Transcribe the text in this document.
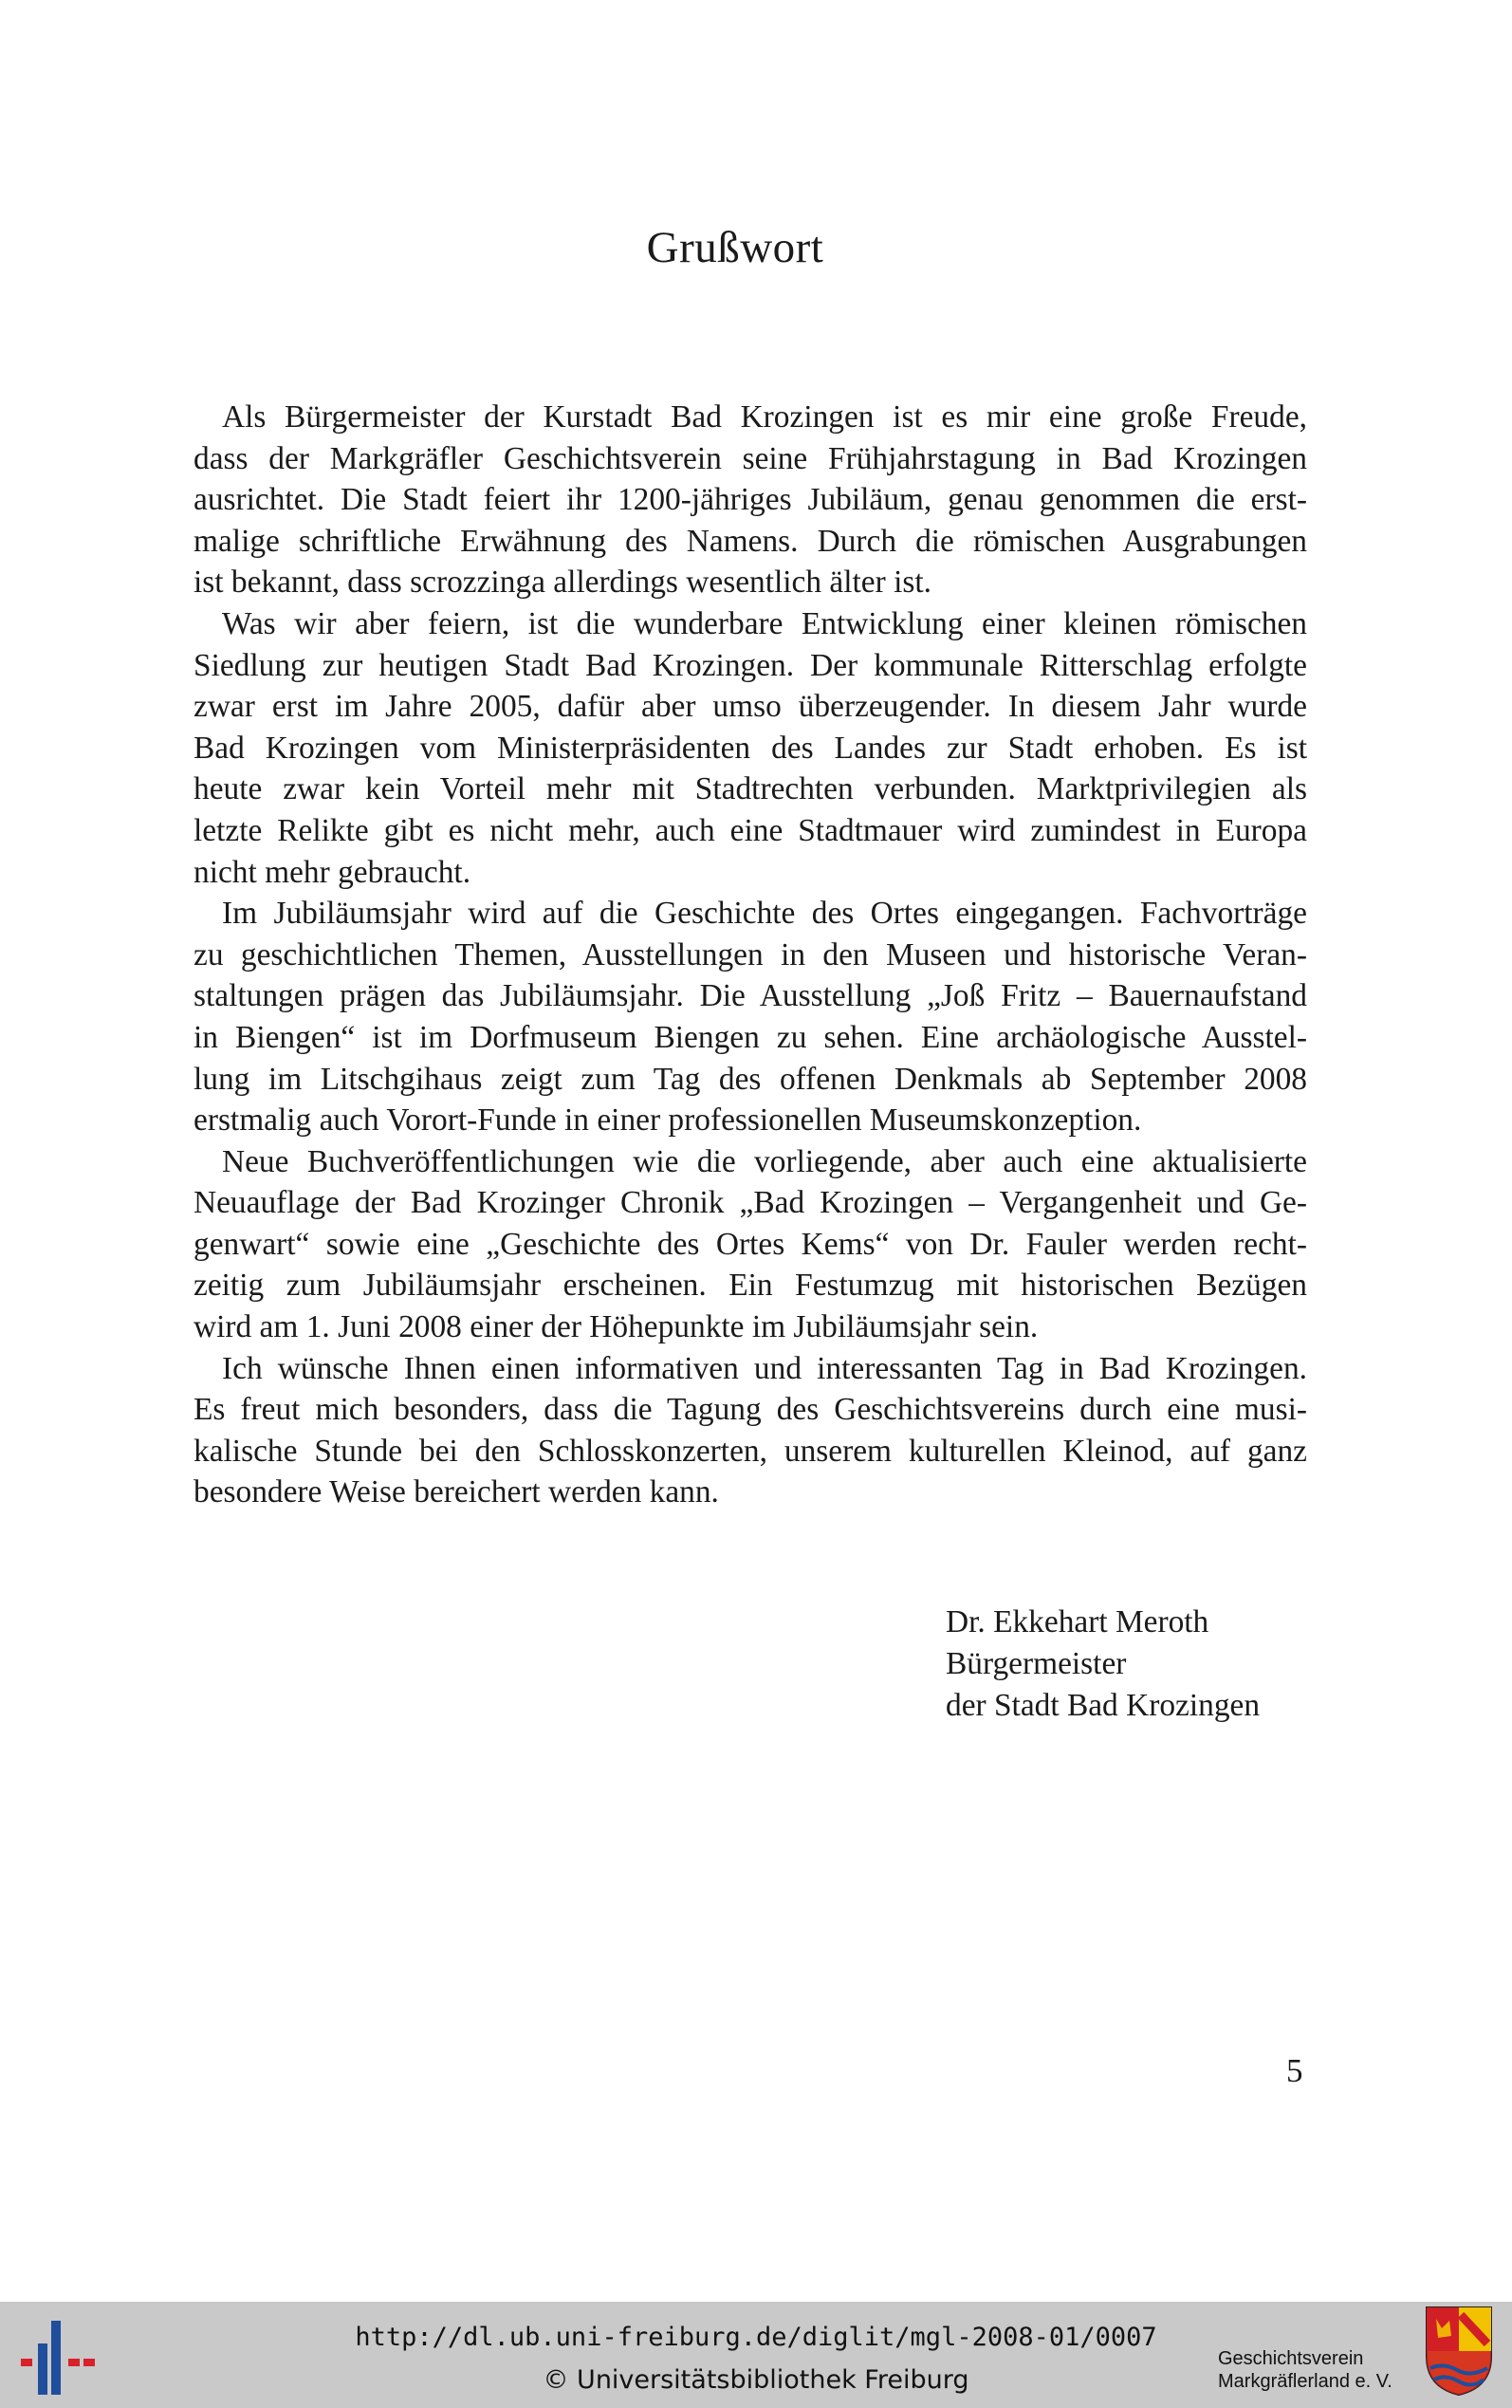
Grußwort
Als Bürgermeister der Kurstadt Bad Krozingen ist es mir eine große Freude,
dass der Markgräfler Geschichtsverein seine Frühjahrstagung in Bad Krozingen
ausrichtet. Die Stadt feiert ihr 1200-jähriges Jubiläum, genau genommen die erst-
malige schriftliche Erwähnung des Namens. Durch die römischen Ausgrabungen
ist bekannt, dass scrozzinga allerdings wesentlich älter ist.
Was wir aber feiern, ist die wunderbare Entwicklung einer kleinen römischen
Siedlung zur heutigen Stadt Bad Krozingen. Der kommunale Ritterschlag erfolgte
zwar erst im Jahre 2005, dafür aber umso überzeugender. In diesem Jahr wurde
Bad Krozingen vom Ministerpräsidenten des Landes zur Stadt erhoben. Es ist
heute zwar kein Vorteil mehr mit Stadtrechten verbunden. Marktprivilegien als
letzte Relikte gibt es nicht mehr, auch eine Stadtmauer wird zumindest in Europa
nicht mehr gebraucht.
Im Jubiläumsjahr wird auf die Geschichte des Ortes eingegangen. Fachvorträge
zu geschichtlichen Themen, Ausstellungen in den Museen und historische Veran-
staltungen prägen das Jubiläumsjahr. Die Ausstellung „Joß Fritz – Bauernaufstand
in Biengen“ ist im Dorfmuseum Biengen zu sehen. Eine archäologische Ausstel-
lung im Litschgihaus zeigt zum Tag des offenen Denkmals ab September 2008
erstmalig auch Vorort-Funde in einer professionellen Museumskonzeption.
Neue Buchveröffentlichungen wie die vorliegende, aber auch eine aktualisierte
Neuauflage der Bad Krozinger Chronik „Bad Krozingen – Vergangenheit und Ge-
genwart“ sowie eine „Geschichte des Ortes Kems“ von Dr. Fauler werden recht-
zeitig zum Jubiläumsjahr erscheinen. Ein Festumzug mit historischen Bezügen
wird am 1. Juni 2008 einer der Höhepunkte im Jubiläumsjahr sein.
Ich wünsche Ihnen einen informativen und interessanten Tag in Bad Krozingen.
Es freut mich besonders, dass die Tagung des Geschichtsvereins durch eine musi-
kalische Stunde bei den Schlosskonzerten, unserem kulturellen Kleinod, auf ganz
besondere Weise bereichert werden kann.
Dr. Ekkehart Meroth
Bürgermeister
der Stadt Bad Krozingen
5
http://dl.ub.uni-freiburg.de/diglit/mgl-2008-01/0007
© Universitätsbibliothek Freiburg
Geschichtsverein
Markgräflerland e. V.
